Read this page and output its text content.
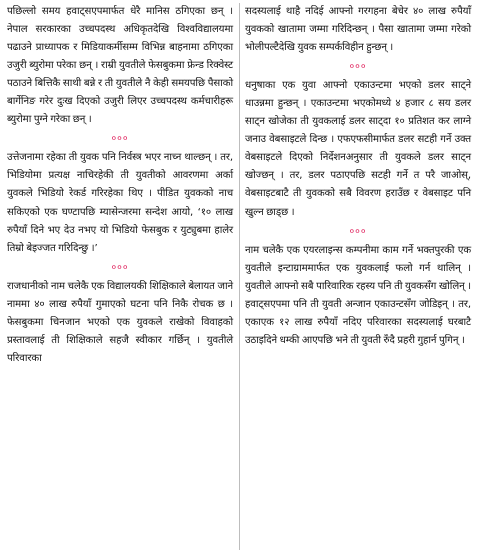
पछिल्लो समय हवाट्सएपमार्फत धेरै मानिस ठगिएका छन् । नेपाल सरकारका उच्चपदस्थ अधिकृतदेखि विश्वविद्यालयमा पढाउने प्राध्यापक र मिडियाकर्मीसम्म विभिन्न बाहनामा ठगिएका उजुरी ब्युरोमा परेका छन् । राम्री युवतीले फेसबुकमा फ्रेन्ड रिक्वेस्ट पठाउने बित्तिकै साथी बन्ने र ती युवतीले नै केही समयपछि पैसाको बार्गेनिङ गरेर दुःख दिएको उजुरी लिएर उच्चपदस्थ कर्मचारीहरू ब्युरोमा पुग्ने गरेका छन् ।

०००

उत्तेजनामा रहेका ती युवक पनि निर्वस्त्र भएर नाच्न थाल्छन् । तर, भिडियोमा प्रत्यक्ष नाचिरहेकी ती युवतीको आवरणमा अर्का युवकले भिडियो रेकर्ड गरिरहेका थिए । पीडित युवकको नाच सकिएको एक घण्टापछि म्यासेन्जरमा सन्देश आयो, ‘१० लाख रुपैयाँ दिने भए देउ नभए यो भिडियो फेसबुक र युट्युबमा हालेर तिम्रो बेइज्जत गरिदिन्छु ।’

०००

राजधानीको नाम चलेकै एक विद्यालयकी शिक्षिकाले बेलायत जाने नाममा ४० लाख रुपैयाँ गुमाएको घटना पनि निकै रोचक छ । फेसबुकमा चिनजान भएको एक युवकले राखेको विवाहको प्रस्तावलाई ती शिक्षिकाले सहजै स्वीकार गर्छिन् । युवतीले परिवारका

सदस्यलाई थाहै नदिई आफ्नो गरगहना बेचेर ४० लाख रुपैयाँ युवकको खातामा जम्मा गरिदिन्छन् । पैसा खातामा जम्मा गरेको भोलीपल्टैदेखि युवक सम्पर्कविहीन हुन्छन् ।

०००

धनुषाका एक युवा आफ्नो एकाउन्टमा भएको डलर साट्ने धाउन्नमा हुन्छन् । एकाउन्टमा भएकोमध्ये ४ हजार ८ सय डलर साट्न खोजेका ती युवकलाई डलर साट्दा १० प्रतिशत कर लाग्ने जनाउ वेबसाइटले दिन्छ । एफएफसीमार्फत डलर सटही गर्ने उक्त वेबसाइटले दिएको निर्देशनअनुसार ती युवकले डलर साट्न खोज्छन् । तर, डलर पठाएपछि सटही गर्ने त परै जाओस्, वेबसाइटबाटै ती युवकको सबै विवरण हराउँछ र वेबसाइट पनि खुल्न छाड्छ ।

०००

नाम चलेकै एक एयरलाइन्स कम्पनीमा काम गर्ने भक्तपुरकी एक युवतीले इन्टाग्राममार्फत एक युवकलाई फलो गर्न थालिन् । युवतीले आफ्नो सबै पारिवारिक रहस्य पनि ती युवकसँग खोलिन् । हवाट्सएपमा पनि ती युवती अन्जान एकाउन्टसँग जोडिइन् । तर, एकाएक १२ लाख रुपैयाँ नदिए परिवारका सदस्यलाई घरबाटै उठाइदिने धम्की आएपछि भने ती युवती रुँदै प्रहरी गुहार्न पुगिन् ।
